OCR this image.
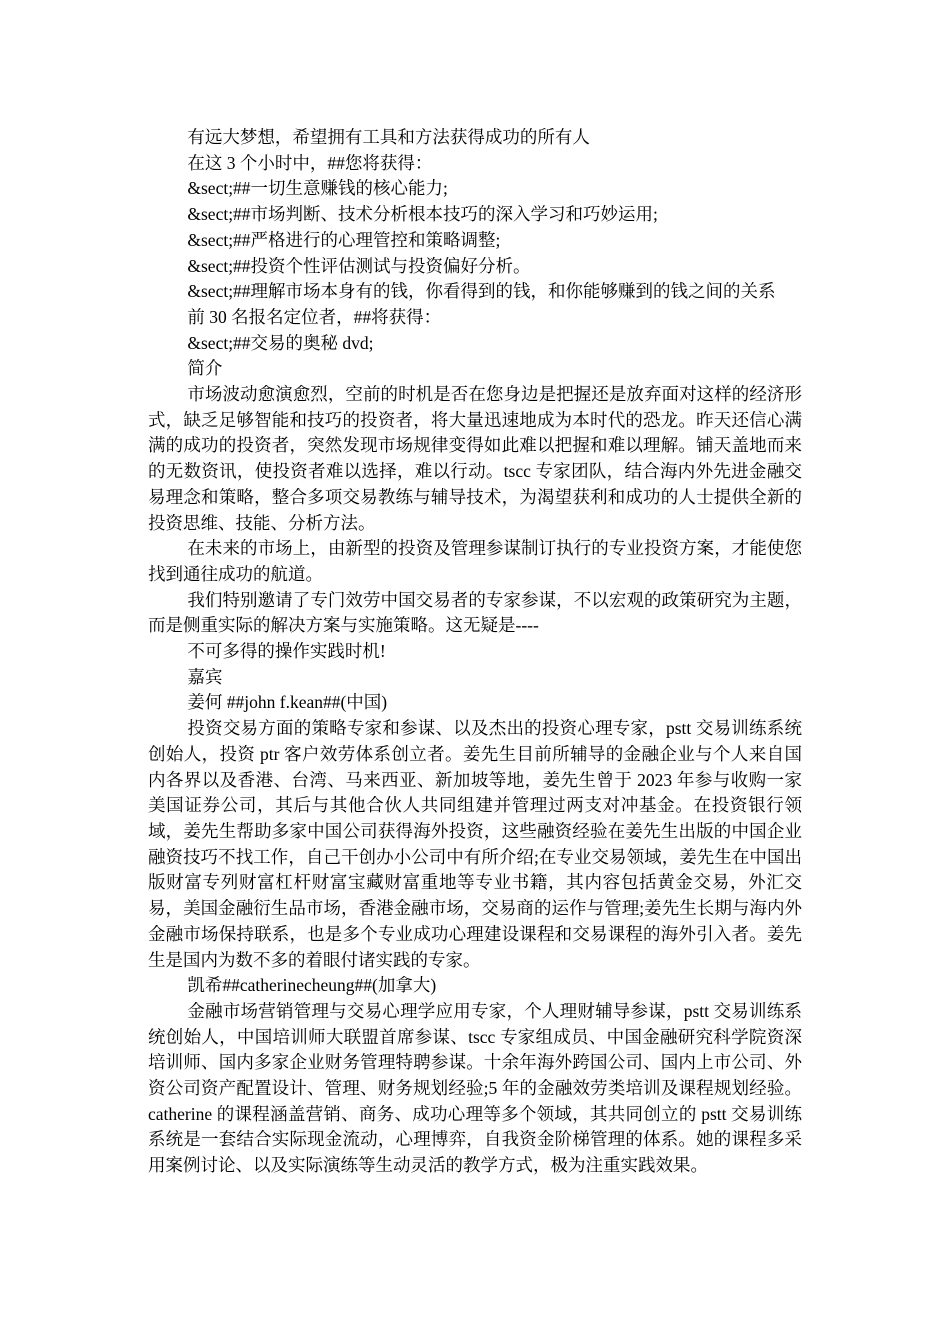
有远大梦想，希望拥有工具和方法获得成功的所有人

在这 3 个小时中，##您将获得：

&sect;##一切生意赚钱的核心能力;

&sect;##市场判断、技术分析根本技巧的深入学习和巧妙运用;

&sect;##严格进行的心理管控和策略调整;

&sect;##投资个性评估测试与投资偏好分析。

&sect;##理解市场本身有的钱，你看得到的钱，和你能够赚到的钱之间的关系

前 30 名报名定位者，##将获得：

&sect;##交易的奥秘 dvd;

简介

市场波动愈演愈烈，空前的时机是否在您身边是把握还是放弃面对这样的经济形式，缺乏足够智能和技巧的投资者，将大量迅速地成为本时代的恐龙。昨天还信心满满的成功的投资者，突然发现市场规律变得如此难以把握和难以理解。铺天盖地而来的无数资讯，使投资者难以选择，难以行动。tscc 专家团队，结合海内外先进金融交易理念和策略，整合多项交易教练与辅导技术，为渴望获利和成功的人士提供全新的投资思维、技能、分析方法。

在未来的市场上，由新型的投资及管理参谋制订执行的专业投资方案，才能使您找到通往成功的航道。

我们特别邀请了专门效劳中国交易者的专家参谋，不以宏观的政策研究为主题，而是侧重实际的解决方案与实施策略。这无疑是----

不可多得的操作实践时机!

嘉宾

姜何 ##john f.kean##(中国)

投资交易方面的策略专家和参谋、以及杰出的投资心理专家，pstt 交易训练系统创始人，投资 ptr 客户效劳体系创立者。姜先生目前所辅导的金融企业与个人来自国内各界以及香港、台湾、马来西亚、新加坡等地，姜先生曾于 2023 年参与收购一家美国证券公司，其后与其他合伙人共同组建并管理过两支对冲基金。在投资银行领域，姜先生帮助多家中国公司获得海外投资，这些融资经验在姜先生出版的中国企业融资技巧不找工作，自己干创办小公司中有所介绍;在专业交易领域，姜先生在中国出版财富专列财富杠杆财富宝藏财富重地等专业书籍，其内容包括黄金交易，外汇交易，美国金融衍生品市场，香港金融市场，交易商的运作与管理;姜先生长期与海内外金融市场保持联系，也是多个专业成功心理建设课程和交易课程的海外引入者。姜先生是国内为数不多的着眼付诸实践的专家。

凯希##catherinecheung##(加拿大)

金融市场营销管理与交易心理学应用专家，个人理财辅导参谋，pstt 交易训练系统创始人，中国培训师大联盟首席参谋、tscc 专家组成员、中国金融研究科学院资深培训师、国内多家企业财务管理特聘参谋。十余年海外跨国公司、国内上市公司、外资公司资产配置设计、管理、财务规划经验;5 年的金融效劳类培训及课程规划经验。catherine 的课程涵盖营销、商务、成功心理等多个领域，其共同创立的 pstt 交易训练系统是一套结合实际现金流动，心理博弈，自我资金阶梯管理的体系。她的课程多采用案例讨论、以及实际演练等生动灵活的教学方式，极为注重实践效果。
